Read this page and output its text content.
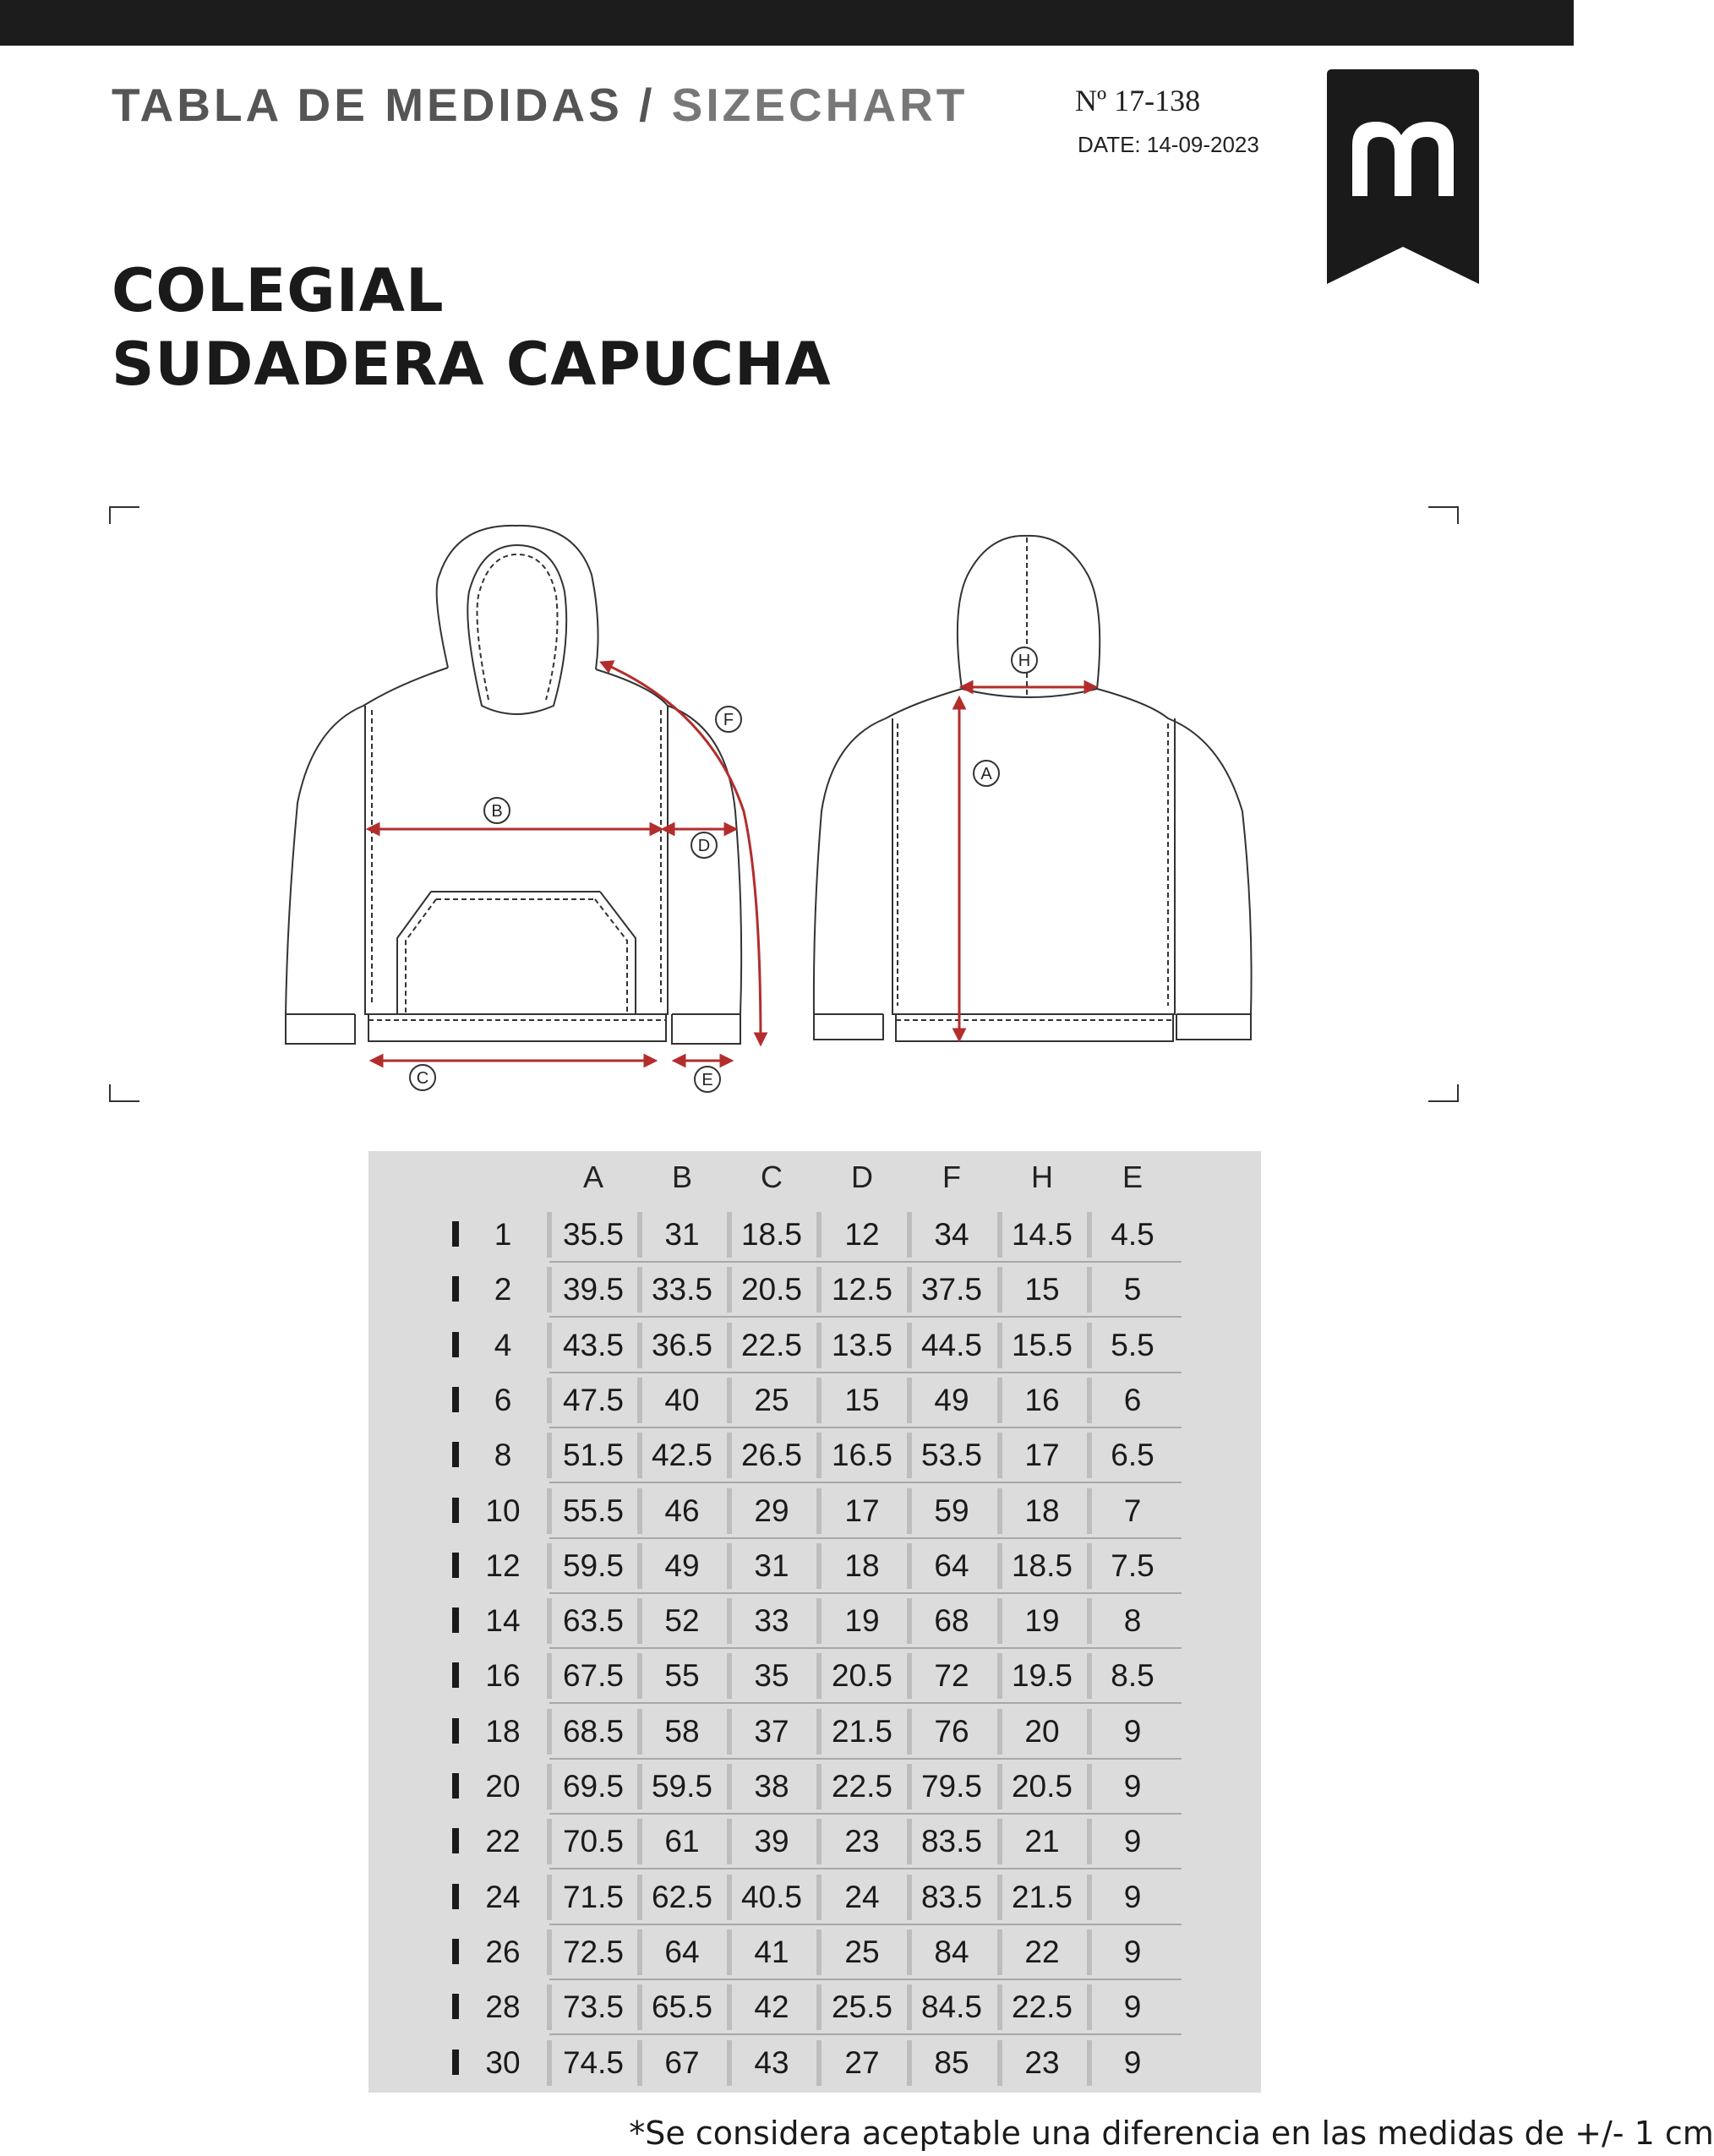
TABLA DE MEDIDAS / SIZECHART	Nº 17-138
DATE: 14-09-2023
COLEGIAL
SUDADERA CAPUCHA
B
D
C	E
F
H
A
A	B	C	D	F	H	E
1	35.5	31	18.5	12	34	14.5	4.5
2	39.5 33.5 20.5 12.5 37.5	15	5
4	43.5 36.5 22.5 13.5 44.5 15.5	5.5
6	47.5	40	25	15	49	16	6
8	51.5 42.5 26.5 16.5 53.5	17	6.5
10	55.5	46	29	17	59	18	7
12	59.5	49	31	18	64	18.5	7.5
14	63.5	52	33	19	68	19	8
16	67.5	55	35	20.5	72	19.5	8.5
18	68.5	58	37	21.5	76	20	9
20	69.5 59.5	38	22.5 79.5 20.5	9
22	70.5	61	39	23	83.5	21	9
24	71.5 62.5 40.5	24	83.5 21.5	9
26	72.5	64	41	25	84	22	9
28	73.5 65.5	42	25.5 84.5 22.5	9
30	74.5	67	43	27	85	23	9
*Se considera aceptable una diferencia en las medidas de +/- 1 cm
